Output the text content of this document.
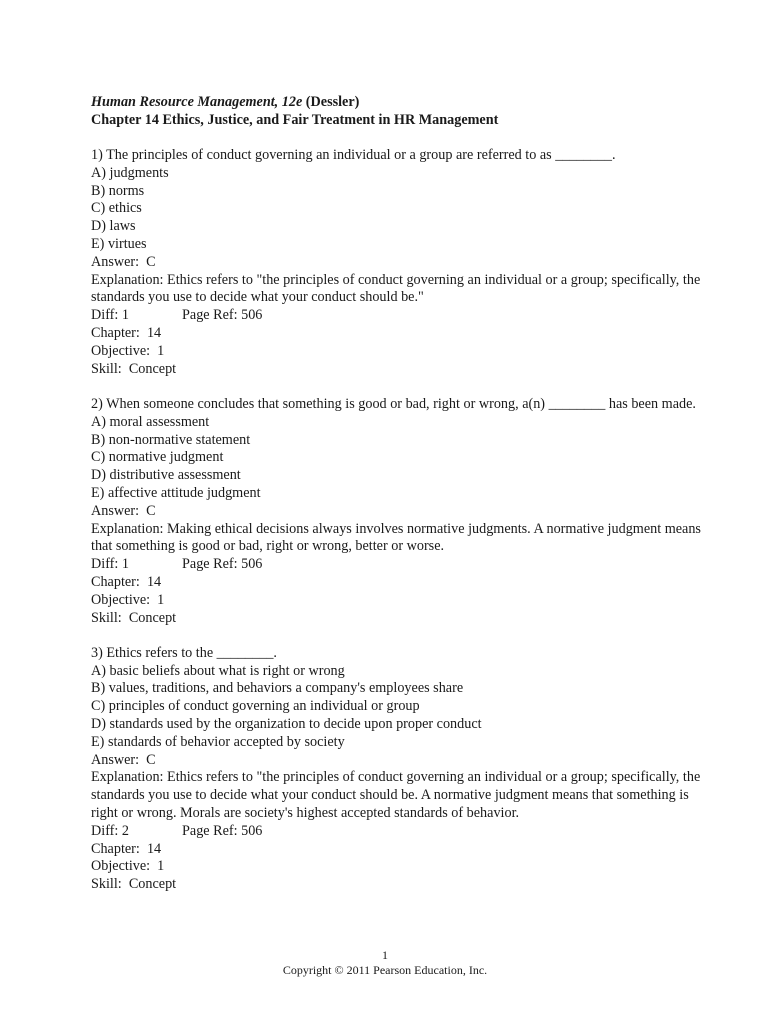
Human Resource Management, 12e (Dessler)
Chapter 14 Ethics, Justice, and Fair Treatment in HR Management
1) The principles of conduct governing an individual or a group are referred to as ________.
A) judgments
B) norms
C) ethics
D) laws
E) virtues
Answer:  C
Explanation: Ethics refers to "the principles of conduct governing an individual or a group; specifically, the standards you use to decide what your conduct should be."
Diff: 1	Page Ref: 506
Chapter:  14
Objective:  1
Skill:  Concept
2) When someone concludes that something is good or bad, right or wrong, a(n) ________ has been made.
A) moral assessment
B) non-normative statement
C) normative judgment
D) distributive assessment
E) affective attitude judgment
Answer:  C
Explanation: Making ethical decisions always involves normative judgments. A normative judgment means that something is good or bad, right or wrong, better or worse.
Diff: 1	Page Ref: 506
Chapter:  14
Objective:  1
Skill:  Concept
3) Ethics refers to the ________.
A) basic beliefs about what is right or wrong
B) values, traditions, and behaviors a company's employees share
C) principles of conduct governing an individual or group
D) standards used by the organization to decide upon proper conduct
E) standards of behavior accepted by society
Answer:  C
Explanation: Ethics refers to "the principles of conduct governing an individual or a group; specifically, the standards you use to decide what your conduct should be. A normative judgment means that something is right or wrong. Morals are society's highest accepted standards of behavior.
Diff: 2	Page Ref: 506
Chapter:  14
Objective:  1
Skill:  Concept
1
Copyright © 2011 Pearson Education, Inc.
